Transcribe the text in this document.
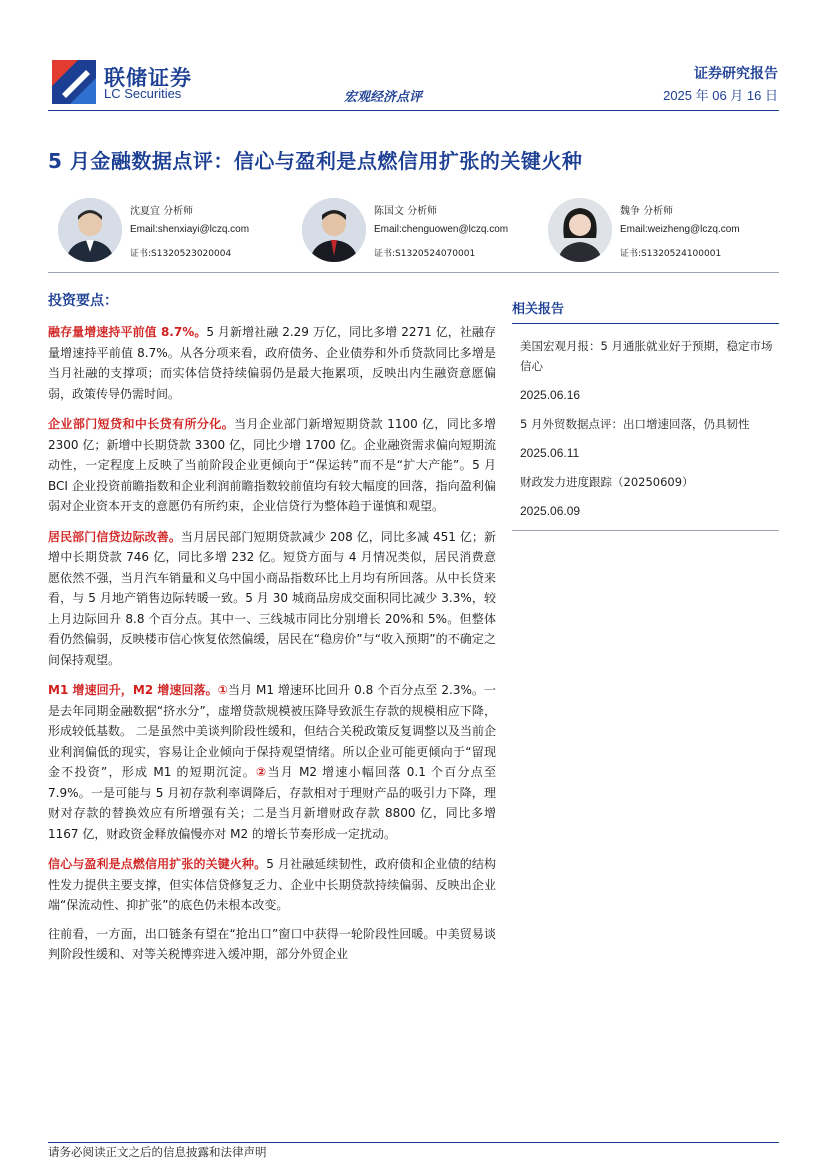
联储证券
LC Securities	宏观经济点评
证券研究报告
2025 年 06 月 16 日
5 月金融数据点评：信心与盈利是点燃信用扩张的关键火种
沈夏宜 分析师
Email:shenxiayi@lczq.com
证书:S1320523020004
陈国文 分析师
Email:chenguowen@lczq.com
证书:S1320524070001
魏争 分析师
Email:weizheng@lczq.com
证书:S1320524100001
投资要点：

融存量增速持平前值 8.7%。5 月新增社融 2.29 万亿，同比多增 2271 亿，社融存量增速持平前值 8.7%。从各分项来看，政府债务、企业债券和外币贷款同比多增是当月社融的支撑项；而实体信贷持续偏弱仍是最大拖累项，反映出内生融资意愿偏弱，政策传导仍需时间。

企业部门短贷和中长贷有所分化。当月企业部门新增短期贷款 1100 亿，同比多增 2300 亿；新增中长期贷款 3300 亿，同比少增 1700 亿。企业融资需求偏向短期流动性，一定程度上反映了当前阶段企业更倾向于“保运转”而不是“扩大产能”。5 月 BCI 企业投资前瞻指数和企业利润前瞻指数较前值均有较大幅度的回落，指向盈利偏弱对企业资本开支的意愿仍有所约束，企业信贷行为整体趋于谨慎和观望。

居民部门信贷边际改善。当月居民部门短期贷款减少 208 亿，同比多减 451 亿；新增中长期贷款 746 亿，同比多增 232 亿。短贷方面与 4 月情况类似，居民消费意愿依然不强，当月汽车销量和义乌中国小商品指数环比上月均有所回落。从中长贷来看，与 5 月地产销售边际转暖一致。5 月 30 城商品房成交面积同比减少 3.3%，较上月边际回升 8.8 个百分点。其中一、三线城市同比分别增长 20%和 5%。但整体看仍然偏弱，反映楼市信心恢复依然偏缓，居民在“稳房价”与“收入预期”的不确定之间保持观望。

M1 增速回升，M2 增速回落。①当月 M1 增速环比回升 0.8 个百分点至 2.3%。一是去年同期金融数据“挤水分”，虚增贷款规模被压降导致派生存款的规模相应下降，形成较低基数。 二是虽然中美谈判阶段性缓和，但结合关税政策反复调整以及当前企业利润偏低的现实，容易让企业倾向于保持观望情绪。所以企业可能更倾向于“留现金不投资”，形成 M1 的短期沉淀。②当月 M2 增速小幅回落 0.1 个百分点至 7.9%。一是可能与 5 月初存款利率调降后，存款相对于理财产品的吸引力下降，理财对存款的替换效应有所增强有关；二是当月新增财政存款 8800 亿，同比多增 1167 亿，财政资金释放偏慢亦对 M2 的增长节奏形成一定扰动。

信心与盈利是点燃信用扩张的关键火种。5 月社融延续韧性，政府债和企业债的结构性发力提供主要支撑，但实体信贷修复乏力、企业中长期贷款持续偏弱、反映出企业端“保流动性、抑扩张”的底色仍未根本改变。

往前看，一方面，出口链条有望在“抢出口”窗口中获得一轮阶段性回暖。中美贸易谈判阶段性缓和、对等关税博弈进入缓冲期，部分外贸企业

相关报告
美国宏观月报：5 月通胀就业好于预期，稳定市场信心
2025.06.16
5 月外贸数据点评：出口增速回落，仍具韧性
2025.06.11
财政发力进度跟踪（20250609）
2025.06.09
请务必阅读正文之后的信息披露和法律声明
